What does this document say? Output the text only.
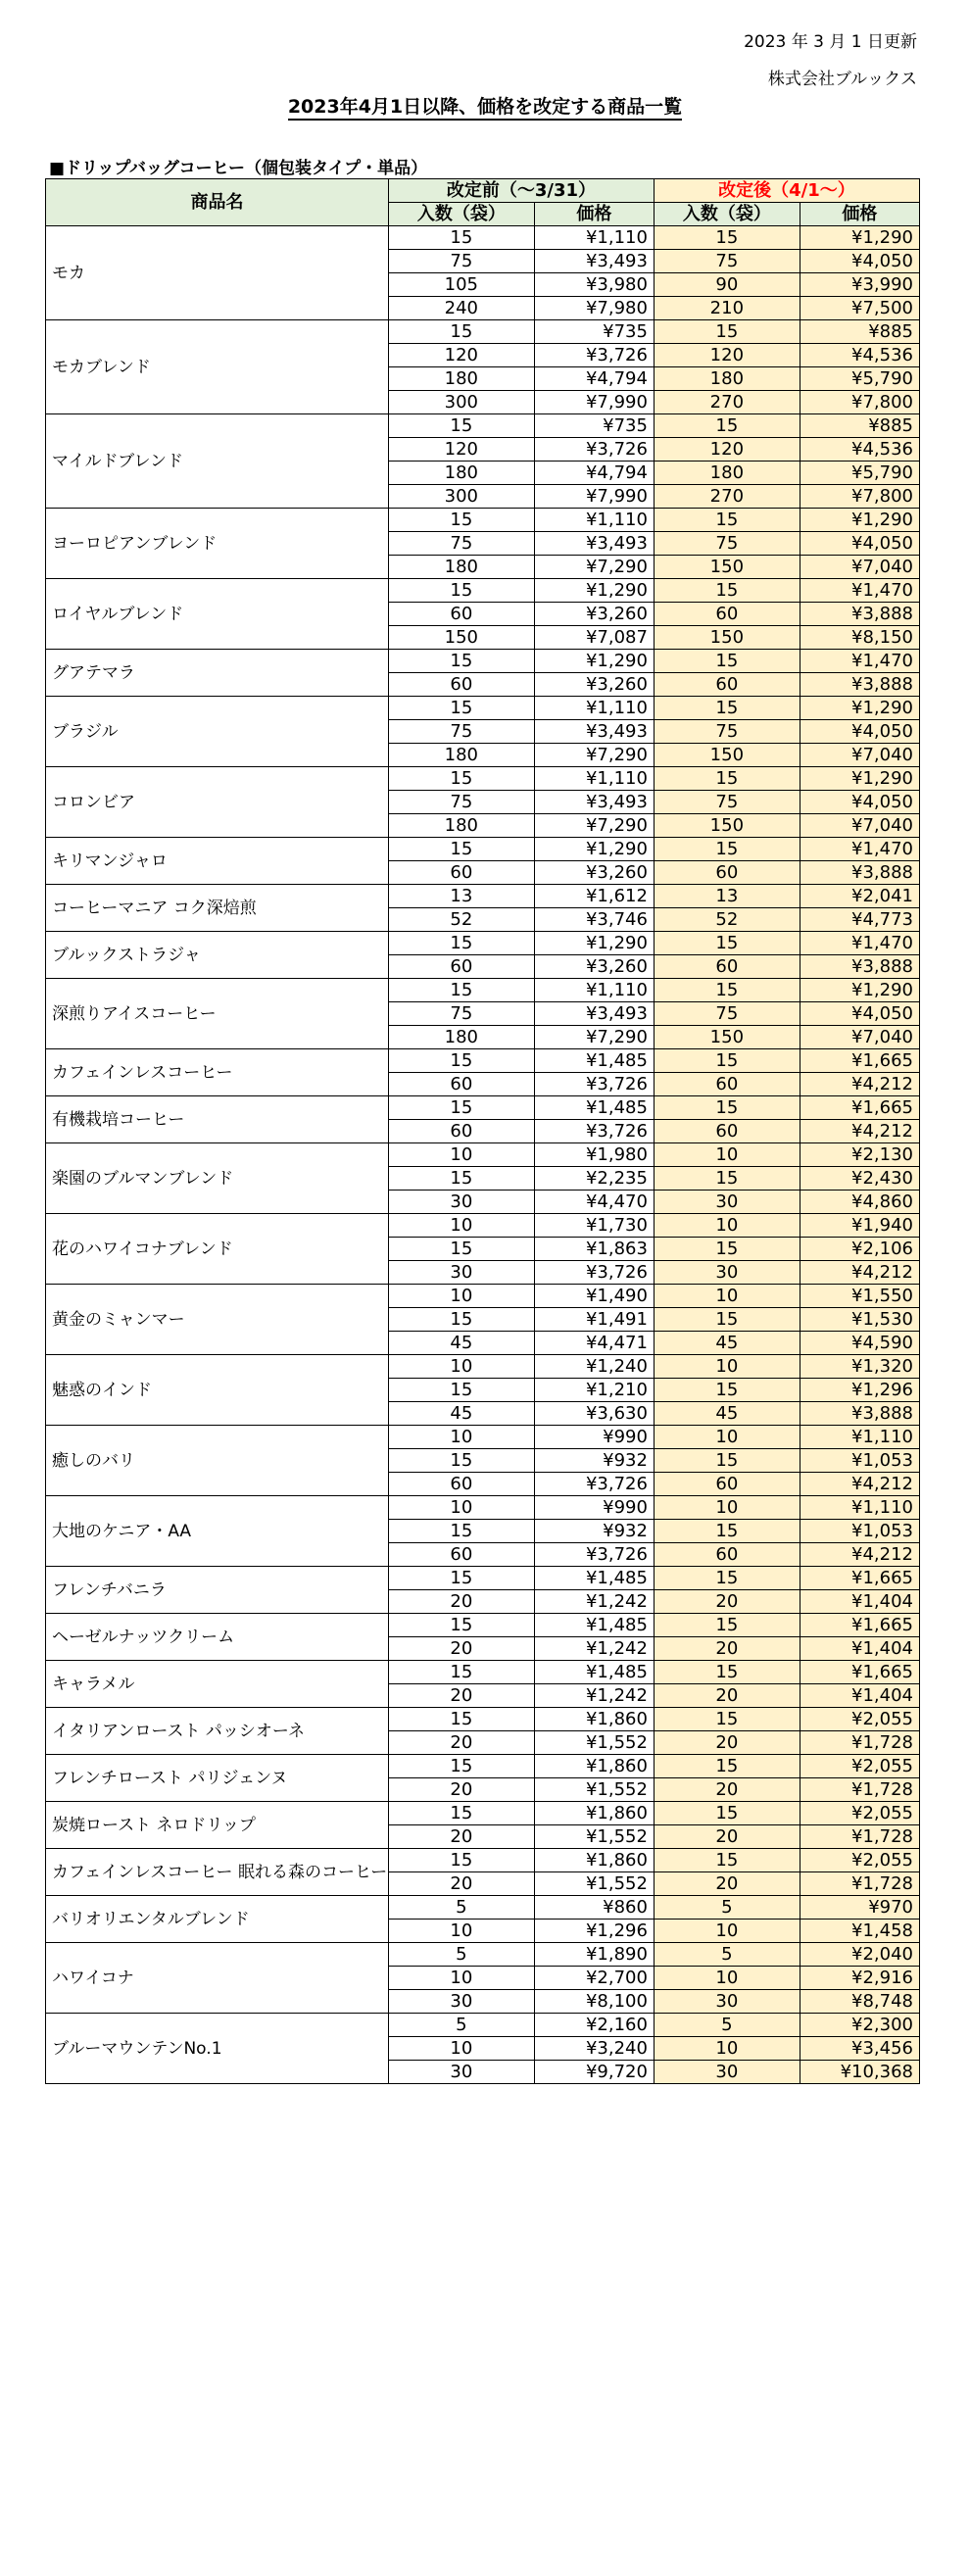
2023 年 3 月 1 日更新
株式会社ブルックス
2023年4月1日以降、価格を改定する商品一覧
■ドリップバッグコーヒー（個包装タイプ・単品）
商品名	改定前（～3/31）		改定後（4/1～）	
	入数（袋）	価格	入数（袋）	価格
モカ	15	¥1,110	15	¥1,290
	75	¥3,493	75	¥4,050
	105	¥3,980	90	¥3,990
	240	¥7,980	210	¥7,500
モカブレンド	15	¥735	15	¥885
	120	¥3,726	120	¥4,536
	180	¥4,794	180	¥5,790
	300	¥7,990	270	¥7,800
マイルドブレンド	15	¥735	15	¥885
	120	¥3,726	120	¥4,536
	180	¥4,794	180	¥5,790
	300	¥7,990	270	¥7,800
ヨーロピアンブレンド	15	¥1,110	15	¥1,290
	75	¥3,493	75	¥4,050
	180	¥7,290	150	¥7,040
ロイヤルブレンド	15	¥1,290	15	¥1,470
	60	¥3,260	60	¥3,888
	150	¥7,087	150	¥8,150
グアテマラ	15	¥1,290	15	¥1,470
	60	¥3,260	60	¥3,888
ブラジル	15	¥1,110	15	¥1,290
	75	¥3,493	75	¥4,050
	180	¥7,290	150	¥7,040
コロンビア	15	¥1,110	15	¥1,290
	75	¥3,493	75	¥4,050
	180	¥7,290	150	¥7,040
キリマンジャロ	15	¥1,290	15	¥1,470
	60	¥3,260	60	¥3,888
コーヒーマニア コク深焙煎	13	¥1,612	13	¥2,041
	52	¥3,746	52	¥4,773
ブルックストラジャ	15	¥1,290	15	¥1,470
	60	¥3,260	60	¥3,888
深煎りアイスコーヒー	15	¥1,110	15	¥1,290
	75	¥3,493	75	¥4,050
	180	¥7,290	150	¥7,040
カフェインレスコーヒー	15	¥1,485	15	¥1,665
	60	¥3,726	60	¥4,212
有機栽培コーヒー	15	¥1,485	15	¥1,665
	60	¥3,726	60	¥4,212
楽園のブルマンブレンド	10	¥1,980	10	¥2,130
	15	¥2,235	15	¥2,430
	30	¥4,470	30	¥4,860
花のハワイコナブレンド	10	¥1,730	10	¥1,940
	15	¥1,863	15	¥2,106
	30	¥3,726	30	¥4,212
黄金のミャンマー	10	¥1,490	10	¥1,550
	15	¥1,491	15	¥1,530
	45	¥4,471	45	¥4,590
魅惑のインド	10	¥1,240	10	¥1,320
	15	¥1,210	15	¥1,296
	45	¥3,630	45	¥3,888
癒しのバリ	10	¥990	10	¥1,110
	15	¥932	15	¥1,053
	60	¥3,726	60	¥4,212
大地のケニア・AA	10	¥990	10	¥1,110
	15	¥932	15	¥1,053
	60	¥3,726	60	¥4,212
フレンチバニラ	15	¥1,485	15	¥1,665
	20	¥1,242	20	¥1,404
ヘーゼルナッツクリーム	15	¥1,485	15	¥1,665
	20	¥1,242	20	¥1,404
キャラメル	15	¥1,485	15	¥1,665
	20	¥1,242	20	¥1,404
イタリアンロースト パッシオーネ	15	¥1,860	15	¥2,055
	20	¥1,552	20	¥1,728
フレンチロースト パリジェンヌ	15	¥1,860	15	¥2,055
	20	¥1,552	20	¥1,728
炭焼ロースト ネロドリップ	15	¥1,860	15	¥2,055
	20	¥1,552	20	¥1,728
カフェインレスコーヒー 眠れる森のコーヒー	15	¥1,860	15	¥2,055
	20	¥1,552	20	¥1,728
バリオリエンタルブレンド	5	¥860	5	¥970
	10	¥1,296	10	¥1,458
ハワイコナ	5	¥1,890	5	¥2,040
	10	¥2,700	10	¥2,916
	30	¥8,100	30	¥8,748
ブルーマウンテンNo.1	5	¥2,160	5	¥2,300
	10	¥3,240	10	¥3,456
	30	¥9,720	30	¥10,368
